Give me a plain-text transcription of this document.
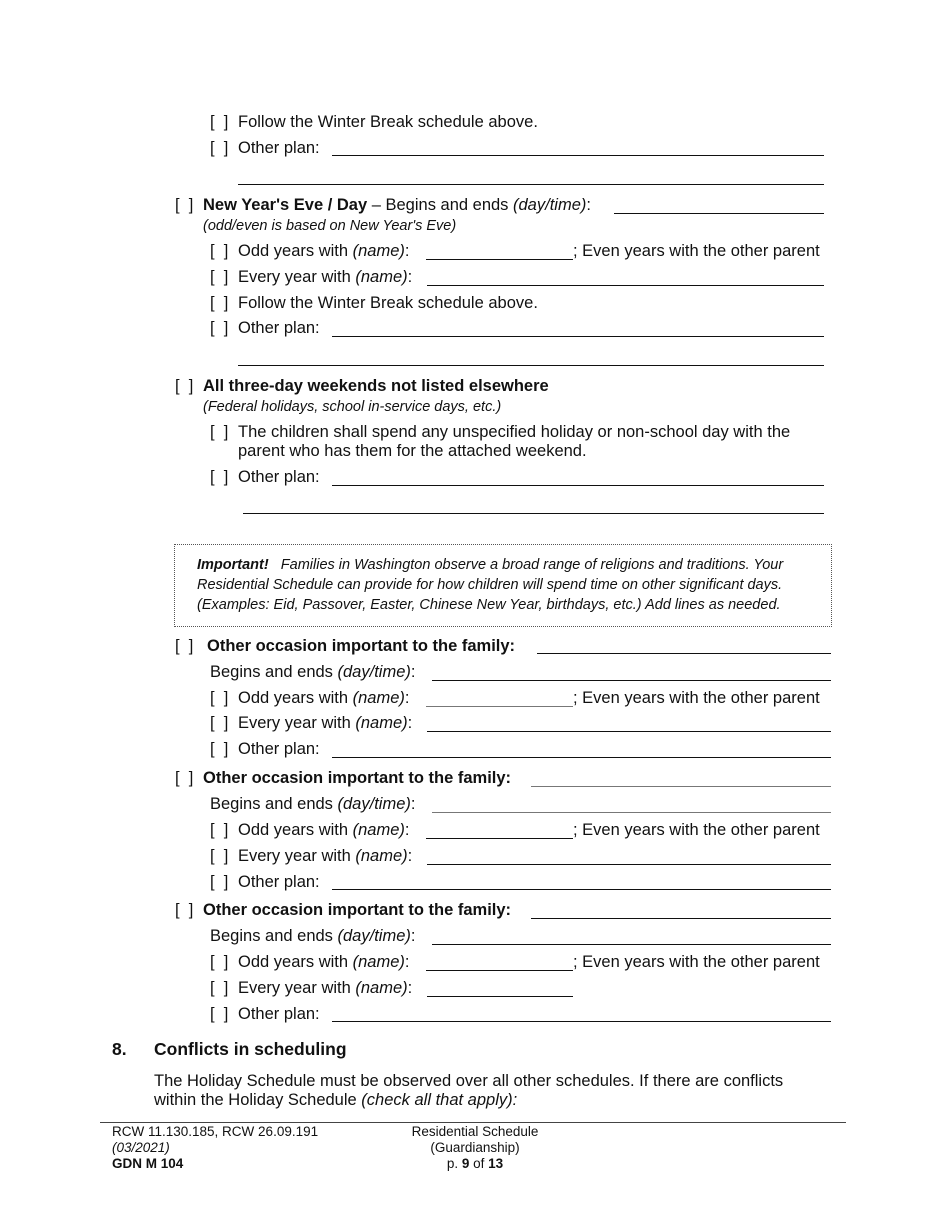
[  ] Follow the Winter Break schedule above.
[  ] Other plan:
[  ] New Year's Eve / Day – Begins and ends (day/time):
(odd/even is based on New Year's Eve)
[  ] Odd years with (name):	; Even years with the other parent
[  ] Every year with (name):
[  ] Follow the Winter Break schedule above.
[  ] Other plan:
[  ] All three-day weekends not listed elsewhere
(Federal holidays, school in-service days, etc.)
[  ] The children shall spend any unspecified holiday or non-school day with the
parent who has them for the attached weekend.
[  ] Other plan:
Important! Families in Washington observe a broad range of religions and traditions. Your
Residential Schedule can provide for how children will spend time on other significant days.
(Examples: Eid, Passover, Easter, Chinese New Year, birthdays, etc.) Add lines as needed.
[  ] Other occasion important to the family:
Begins and ends (day/time):
[  ] Odd years with (name):	; Even years with the other parent
[  ] Every year with (name):
[  ] Other plan:
[  ] Other occasion important to the family:
Begins and ends (day/time):
[  ] Odd years with (name):	; Even years with the other parent
[  ] Every year with (name):
[  ] Other plan:
[  ] Other occasion important to the family:
Begins and ends (day/time):
[  ] Odd years with (name):	; Even years with the other parent
[  ] Every year with (name):
[  ] Other plan:
8. Conflicts in scheduling
The Holiday Schedule must be observed over all other schedules. If there are conflicts
within the Holiday Schedule (check all that apply):
RCW 11.130.185, RCW 26.09.191
(03/2021)
GDN M 104
Residential Schedule
(Guardianship)
p. 9 of 13
